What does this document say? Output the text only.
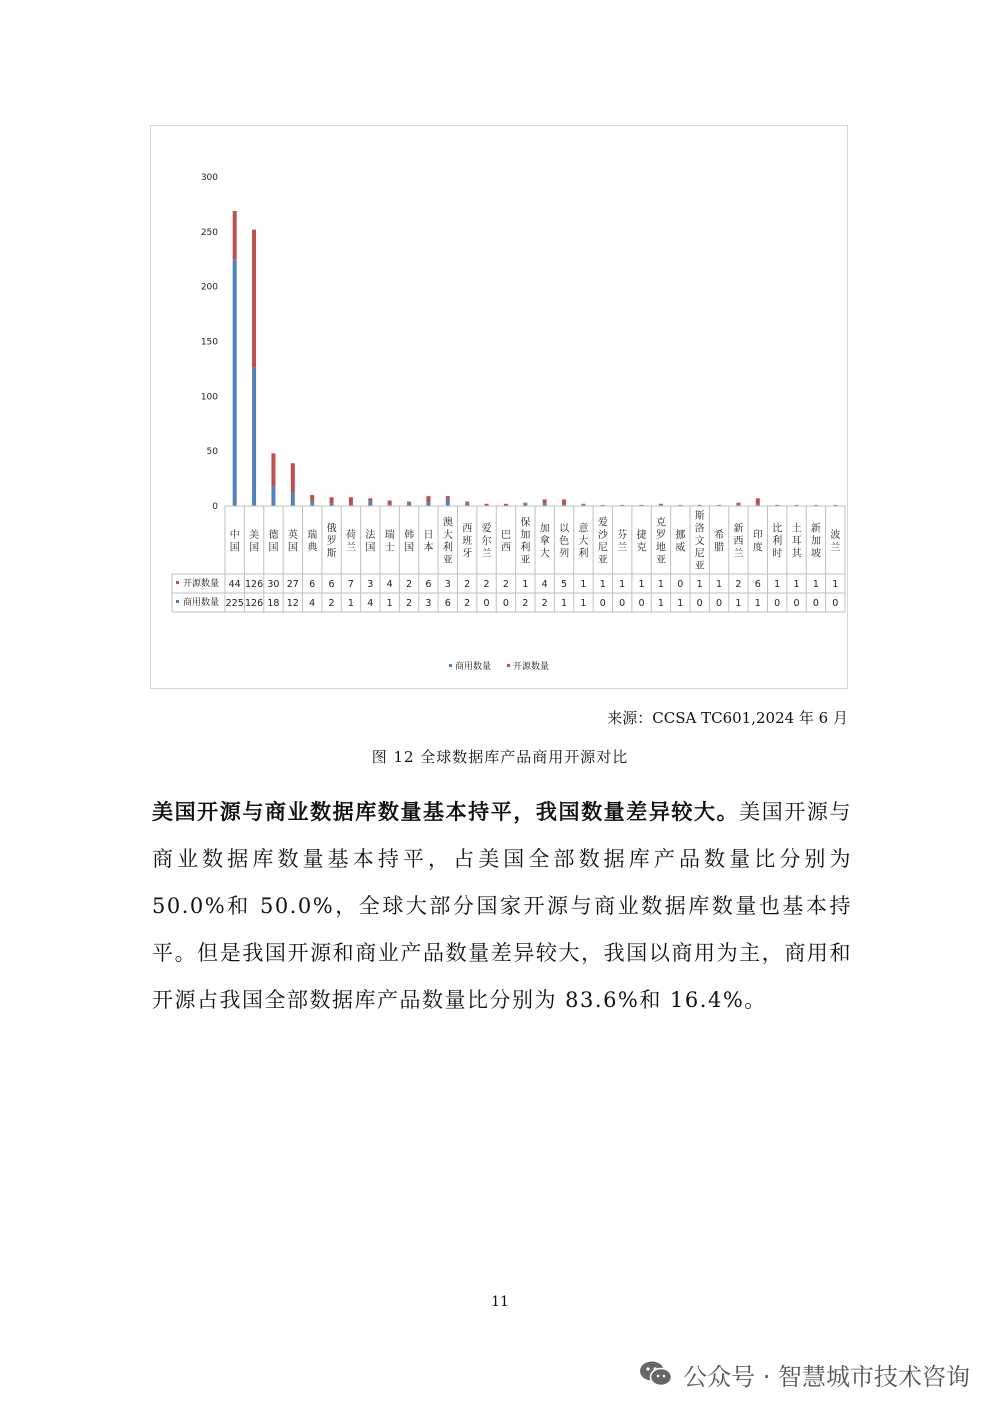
0
50
100
150
200
250
300
中国
美国
德国
英国
瑞典
俄罗斯
荷兰
法国
瑞士
韩国
日本
澳大利亚
西班牙
爱尔兰
巴西
保加利亚
加拿大
以色列
意大利
爱沙尼亚
芬兰
捷克
克罗地亚
挪威
斯洛文尼亚
希腊
新西兰
印度
比利时
土耳其
新加坡
波兰
开源数量 44 126 30 27 6 6 7 3 4 2 6 3 2 2 2 1 4 5 1 1 1 1 1 0 1 1 2 6 1 1 1 1
商用数量 225 126 18 12 4 2 1 4 1 2 3 6 2 0 0 2 2 1 1 0 0 0 1 1 0 0 1 1 0 0 0 0
商用数量 开源数量
来源：CCSA TC601,2024 年 6 月
图 12 全球数据库产品商用开源对比
美国开源与商业数据库数量基本持平，我国数量差异较大。美国开源与商业数据库数量基本持平，占美国全部数据库产品数量比分别为 50.0%和 50.0%，全球大部分国家开源与商业数据库数量也基本持平。但是我国开源和商业产品数量差异较大，我国以商用为主，商用和开源占我国全部数据库产品数量比分别为 83.6%和 16.4%。
11
公众号 · 智慧城市技术咨询
